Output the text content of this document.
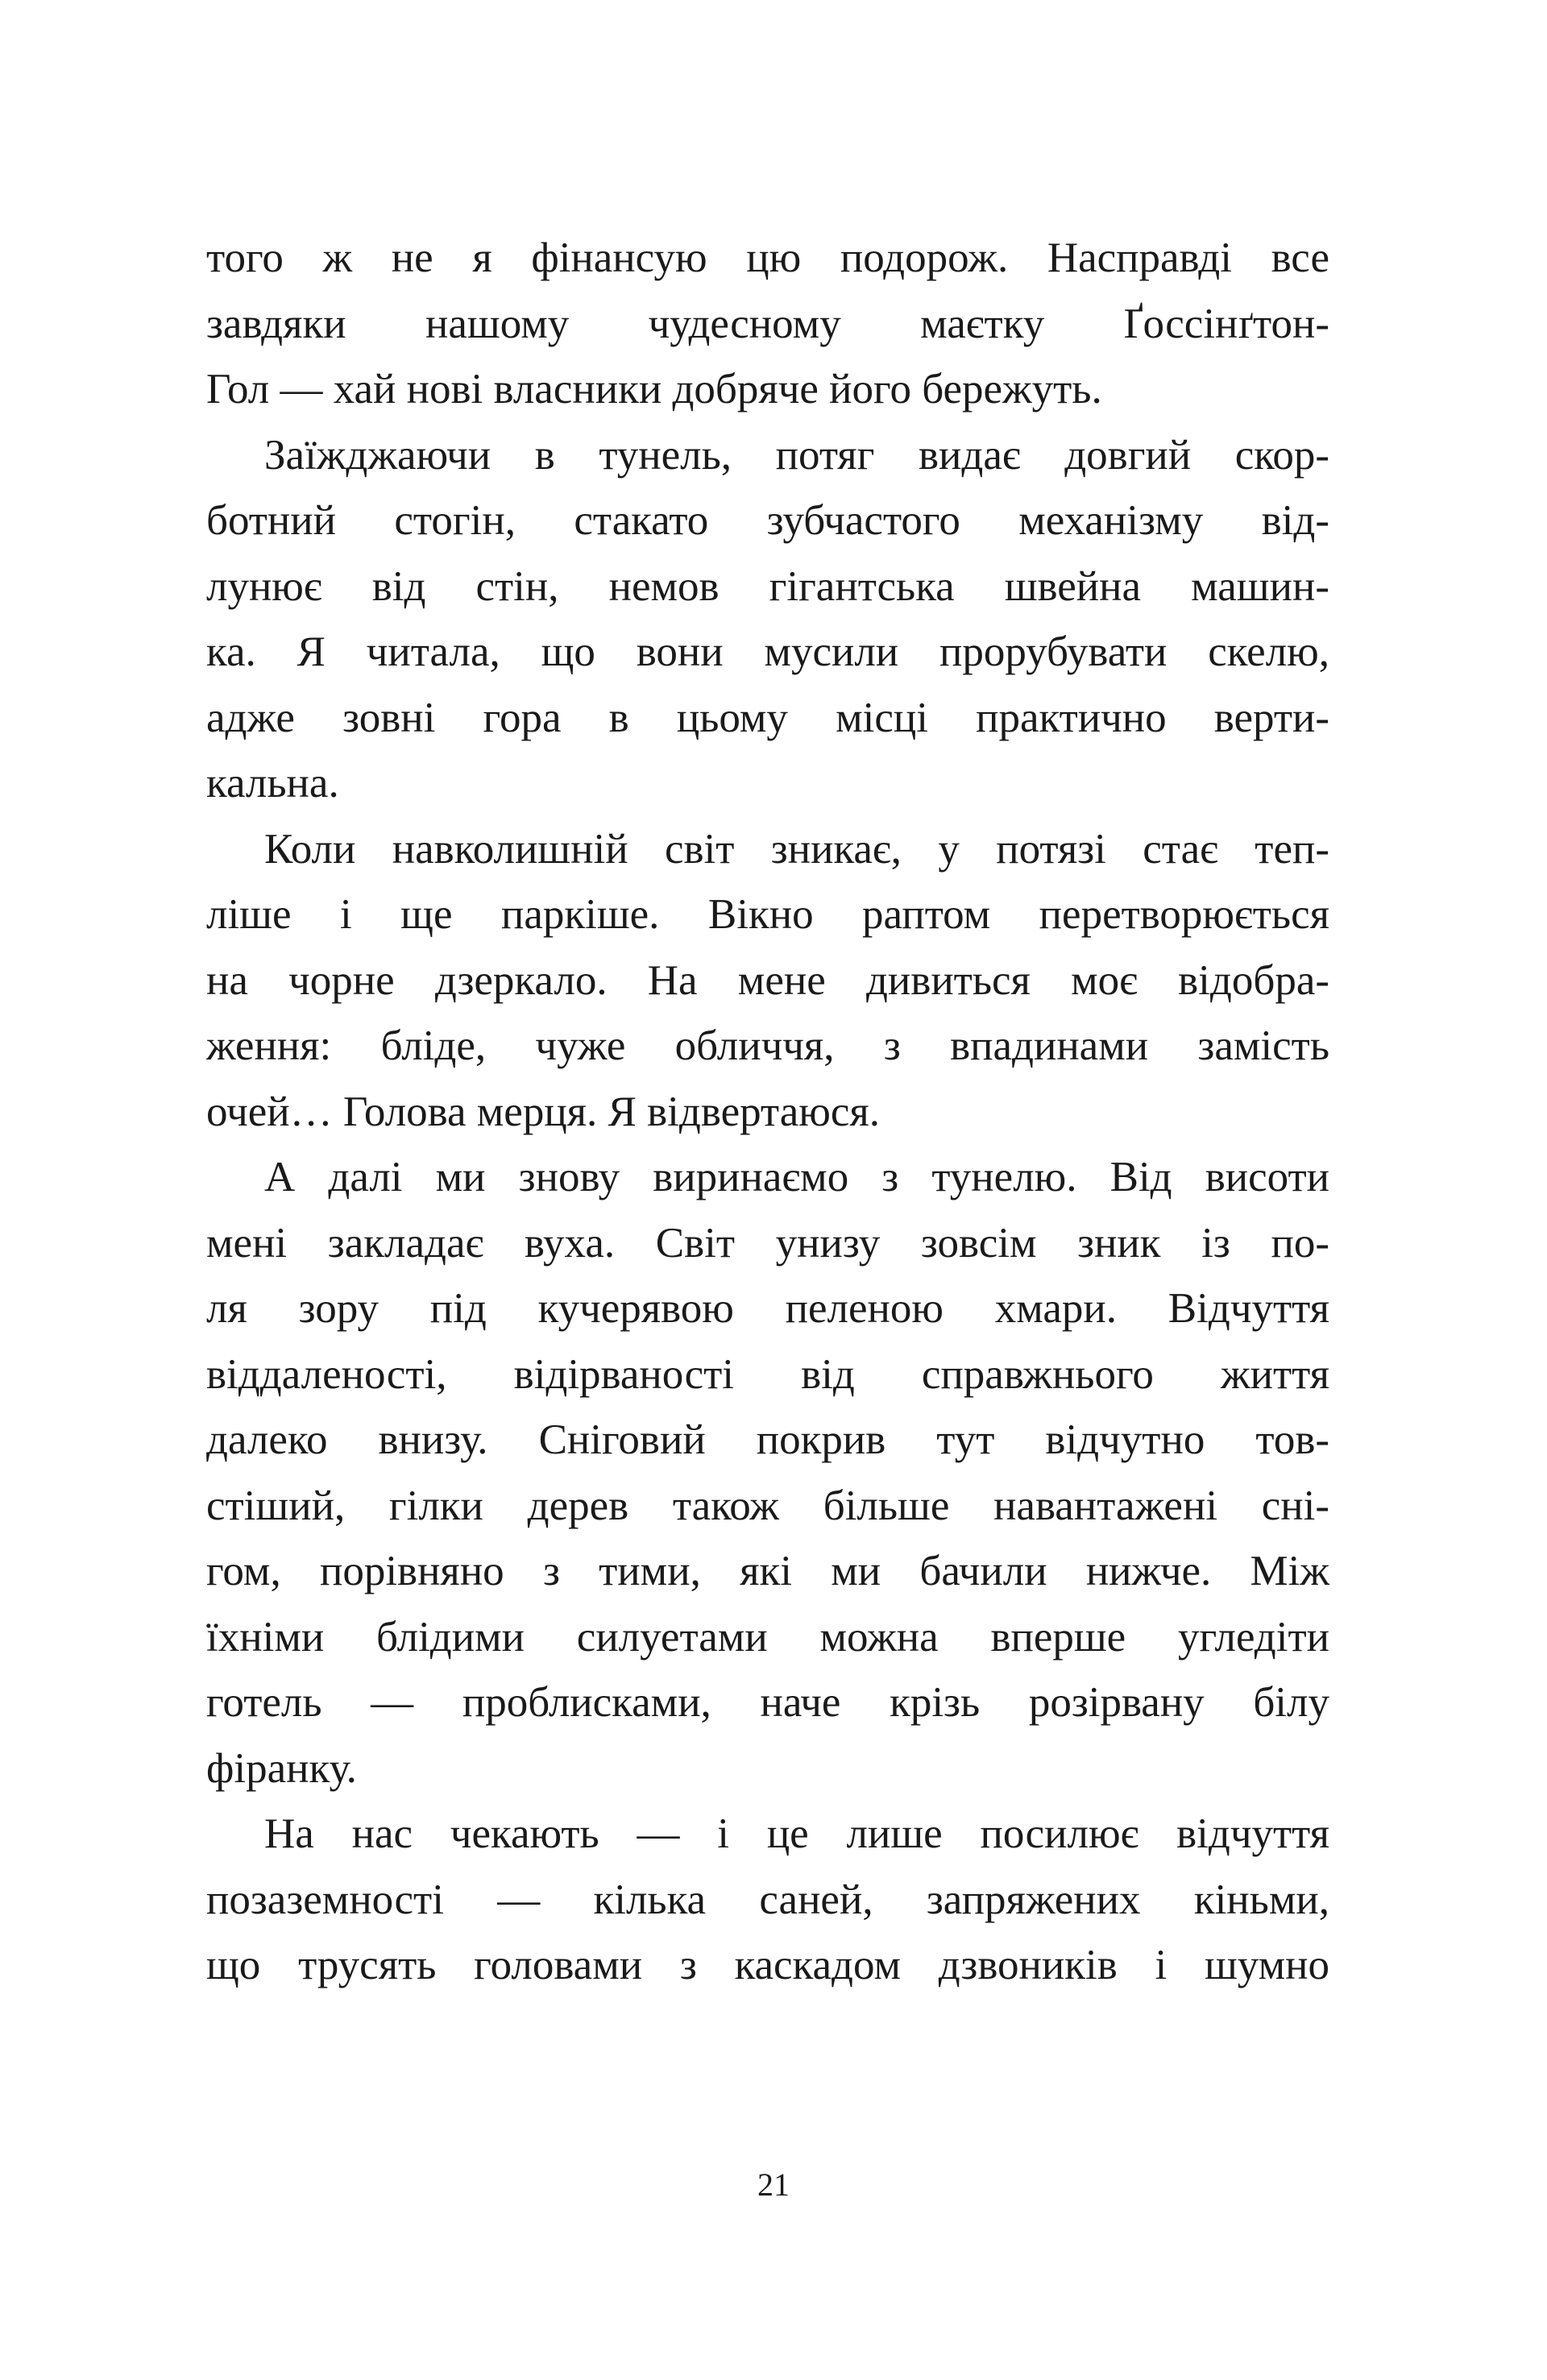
того ж не я фінансую цю подорож. Насправді все
завдяки нашому чудесному маєтку Ґоссінґтон-
Гол — хай нові власники добряче його бережуть.
Заїжджаючи в тунель, потяг видає довгий скор-
ботний стогін, стакато зубчастого механізму від-
лунює від стін, немов гігантська швейна машин-
ка. Я читала, що вони мусили прорубувати скелю,
адже зовні гора в цьому місці практично верти-
кальна.
Коли навколишній світ зникає, у потязі стає теп-
ліше і ще паркіше. Вікно раптом перетворюється
на чорне дзеркало. На мене дивиться моє відобра-
ження: бліде, чуже обличчя, з впадинами замість
очей… Голова мерця. Я відвертаюся.
А далі ми знову виринаємо з тунелю. Від висоти
мені закладає вуха. Світ унизу зовсім зник із по-
ля зору під кучерявою пеленою хмари. Відчуття
віддаленості, відірваності від справжнього життя
далеко внизу. Сніговий покрив тут відчутно тов-
стіший, гілки дерев також більше навантажені сні-
гом, порівняно з тими, які ми бачили нижче. Між
їхніми блідими силуетами можна вперше угледіти
готель — проблисками, наче крізь розірвану білу
фіранку.
На нас чекають — і це лише посилює відчуття
позаземності — кілька саней, запряжених кіньми,
що трусять головами з каскадом дзвоників і шумно
21
